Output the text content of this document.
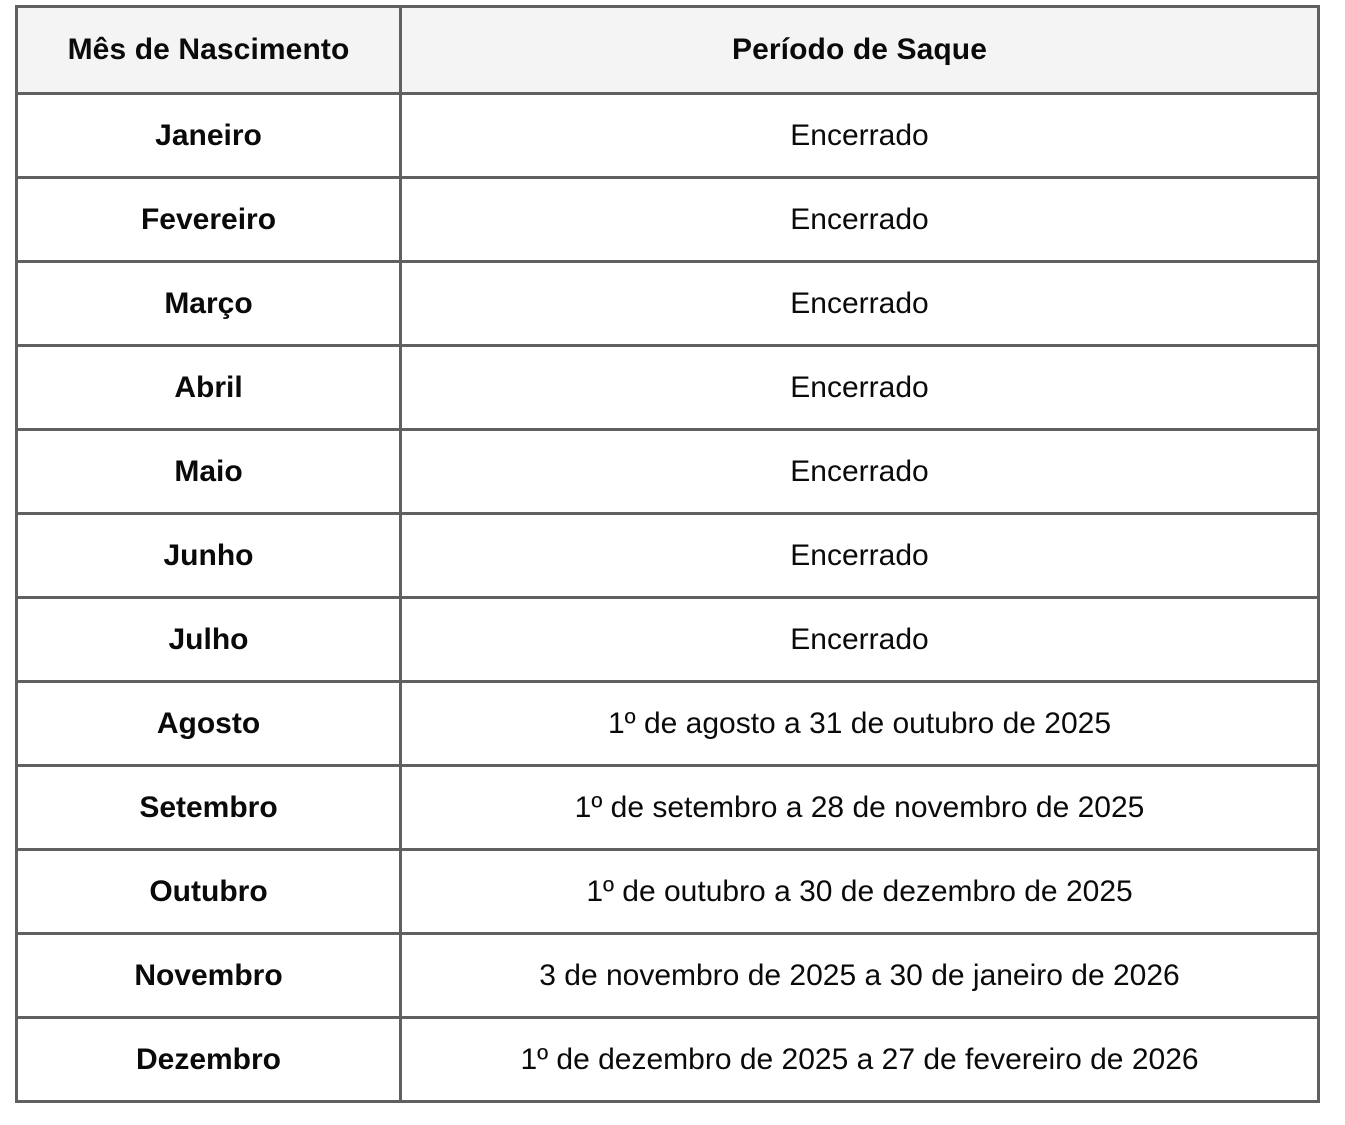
Mês de Nascimento	Período de Saque
Janeiro	Encerrado
Fevereiro	Encerrado
Março	Encerrado
Abril	Encerrado
Maio	Encerrado
Junho	Encerrado
Julho	Encerrado
Agosto	1º de agosto a 31 de outubro de 2025
Setembro	1º de setembro a 28 de novembro de 2025
Outubro	1º de outubro a 30 de dezembro de 2025
Novembro	3 de novembro de 2025 a 30 de janeiro de 2026
Dezembro	1º de dezembro de 2025 a 27 de fevereiro de 2026
